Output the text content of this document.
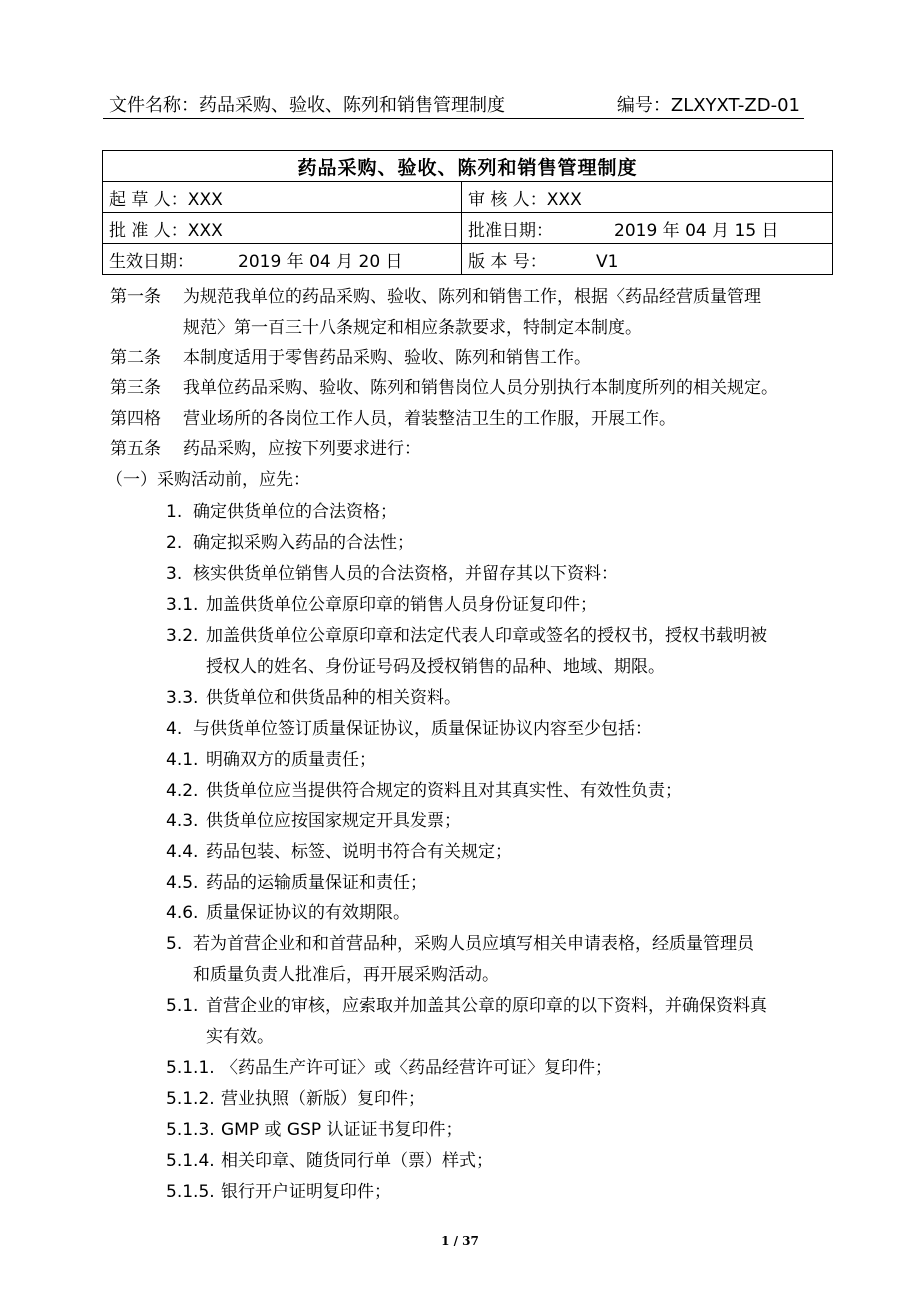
文件名称：药品采购、验收、陈列和销售管理制度	编号：ZLXYXT-ZD-01
药品采购、验收、陈列和销售管理制度	
起 草 人：XXX	审 核 人：XXX
批 准 人：XXX	批准日期： 2019 年 04 月 15 日
生效日期： 2019 年 04 月 20 日	版 本 号： V1
第一条 为规范我单位的药品采购、验收、陈列和销售工作，根据〈药品经营质量管理
规范〉第一百三十八条规定和相应条款要求，特制定本制度。
第二条 本制度适用于零售药品采购、验收、陈列和销售工作。
第三条 我单位药品采购、验收、陈列和销售岗位人员分别执行本制度所列的相关规定。
第四格 营业场所的各岗位工作人员，着装整洁卫生的工作服，开展工作。
第五条 药品采购，应按下列要求进行：
（一）采购活动前，应先：
1. 确定供货单位的合法资格；
2. 确定拟采购入药品的合法性；
3. 核实供货单位销售人员的合法资格，并留存其以下资料：
3.1. 加盖供货单位公章原印章的销售人员身份证复印件；
3.2. 加盖供货单位公章原印章和法定代表人印章或签名的授权书，授权书载明被
授权人的姓名、身份证号码及授权销售的品种、地域、期限。
3.3. 供货单位和供货品种的相关资料。
4. 与供货单位签订质量保证协议，质量保证协议内容至少包括：
4.1. 明确双方的质量责任；
4.2. 供货单位应当提供符合规定的资料且对其真实性、有效性负责；
4.3. 供货单位应按国家规定开具发票；
4.4. 药品包装、标签、说明书符合有关规定；
4.5. 药品的运输质量保证和责任；
4.6. 质量保证协议的有效期限。
5. 若为首营企业和和首营品种，采购人员应填写相关申请表格，经质量管理员
和质量负责人批准后，再开展采购活动。
5.1. 首营企业的审核，应索取并加盖其公章的原印章的以下资料，并确保资料真
实有效。
5.1.1. 〈药品生产许可证〉或〈药品经营许可证〉复印件；
5.1.2. 营业执照（新版）复印件；
5.1.3. GMP 或 GSP 认证证书复印件；
5.1.4. 相关印章、随货同行单（票）样式；
5.1.5. 银行开户证明复印件；
1 / 37
